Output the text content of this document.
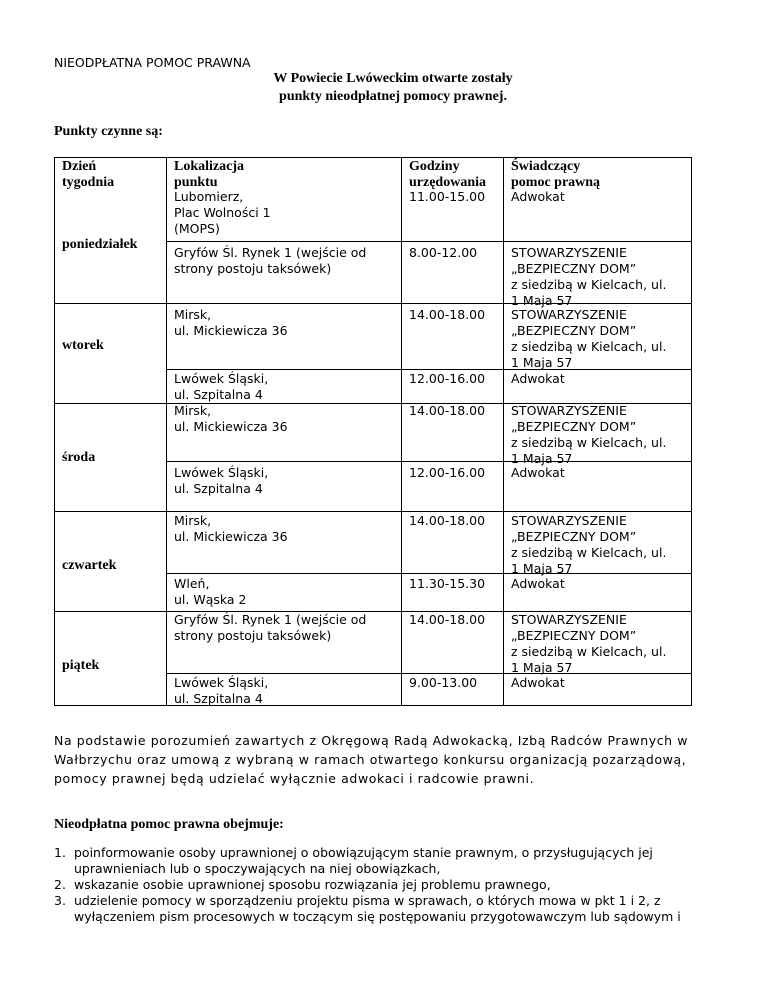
NIEODPŁATNA POMOC PRAWNA
W Powiecie Lwóweckim otwarte zostały
punkty nieodpłatnej pomocy prawnej.
Punkty czynne są:
Dzień
tygodnia
Lokalizacja
punktu
Godziny
urzędowania
Świadczący
pomoc prawną
poniedziałek
wtorek
środa
czwartek
piątek
Lubomierz,
Plac Wolności 1
(MOPS)
11.00-15.00 Adwokat
Gryfów Śl. Rynek 1 (wejście od
strony postoju taksówek)
8.00-12.00	STOWARZYSZENIE
„BEZPIECZNY DOM”
z siedzibą w Kielcach, ul.
1 Maja 57
Mirsk,
ul. Mickiewicza 36
14.00-18.00 STOWARZYSZENIE
„BEZPIECZNY DOM”
z siedzibą w Kielcach, ul.
1 Maja 57
Lwówek Śląski,
ul. Szpitalna 4
12.00-16.00 Adwokat
Mirsk,
ul. Mickiewicza 36
14.00-18.00 STOWARZYSZENIE
„BEZPIECZNY DOM”
z siedzibą w Kielcach, ul.
1 Maja 57
Lwówek Śląski,
ul. Szpitalna 4
12.00-16.00 Adwokat
Mirsk,
ul. Mickiewicza 36
14.00-18.00 STOWARZYSZENIE
„BEZPIECZNY DOM”
z siedzibą w Kielcach, ul.
1 Maja 57
Wleń,
ul. Wąska 2
11.30-15.30 Adwokat
Gryfów Śl. Rynek 1 (wejście od
strony postoju taksówek)
14.00-18.00 STOWARZYSZENIE
„BEZPIECZNY DOM”
z siedzibą w Kielcach, ul.
1 Maja 57
Lwówek Śląski,
ul. Szpitalna 4
9.00-13.00	Adwokat
Na podstawie porozumień zawartych z Okręgową Radą Adwokacką, Izbą Radców Prawnych w
Wałbrzychu oraz umową z wybraną w ramach otwartego konkursu organizacją pozarządową,
pomocy prawnej będą udzielać wyłącznie adwokaci i radcowie prawni.
Nieodpłatna pomoc prawna obejmuje:
1. poinformowanie osoby uprawnionej o obowiązującym stanie prawnym, o przysługujących jej
uprawnieniach lub o spoczywających na niej obowiązkach,
2. wskazanie osobie uprawnionej sposobu rozwiązania jej problemu prawnego,
3. udzielenie pomocy w sporządzeniu projektu pisma w sprawach, o których mowa w pkt 1 i 2, z
wyłączeniem pism procesowych w toczącym się postępowaniu przygotowawczym lub sądowym i
